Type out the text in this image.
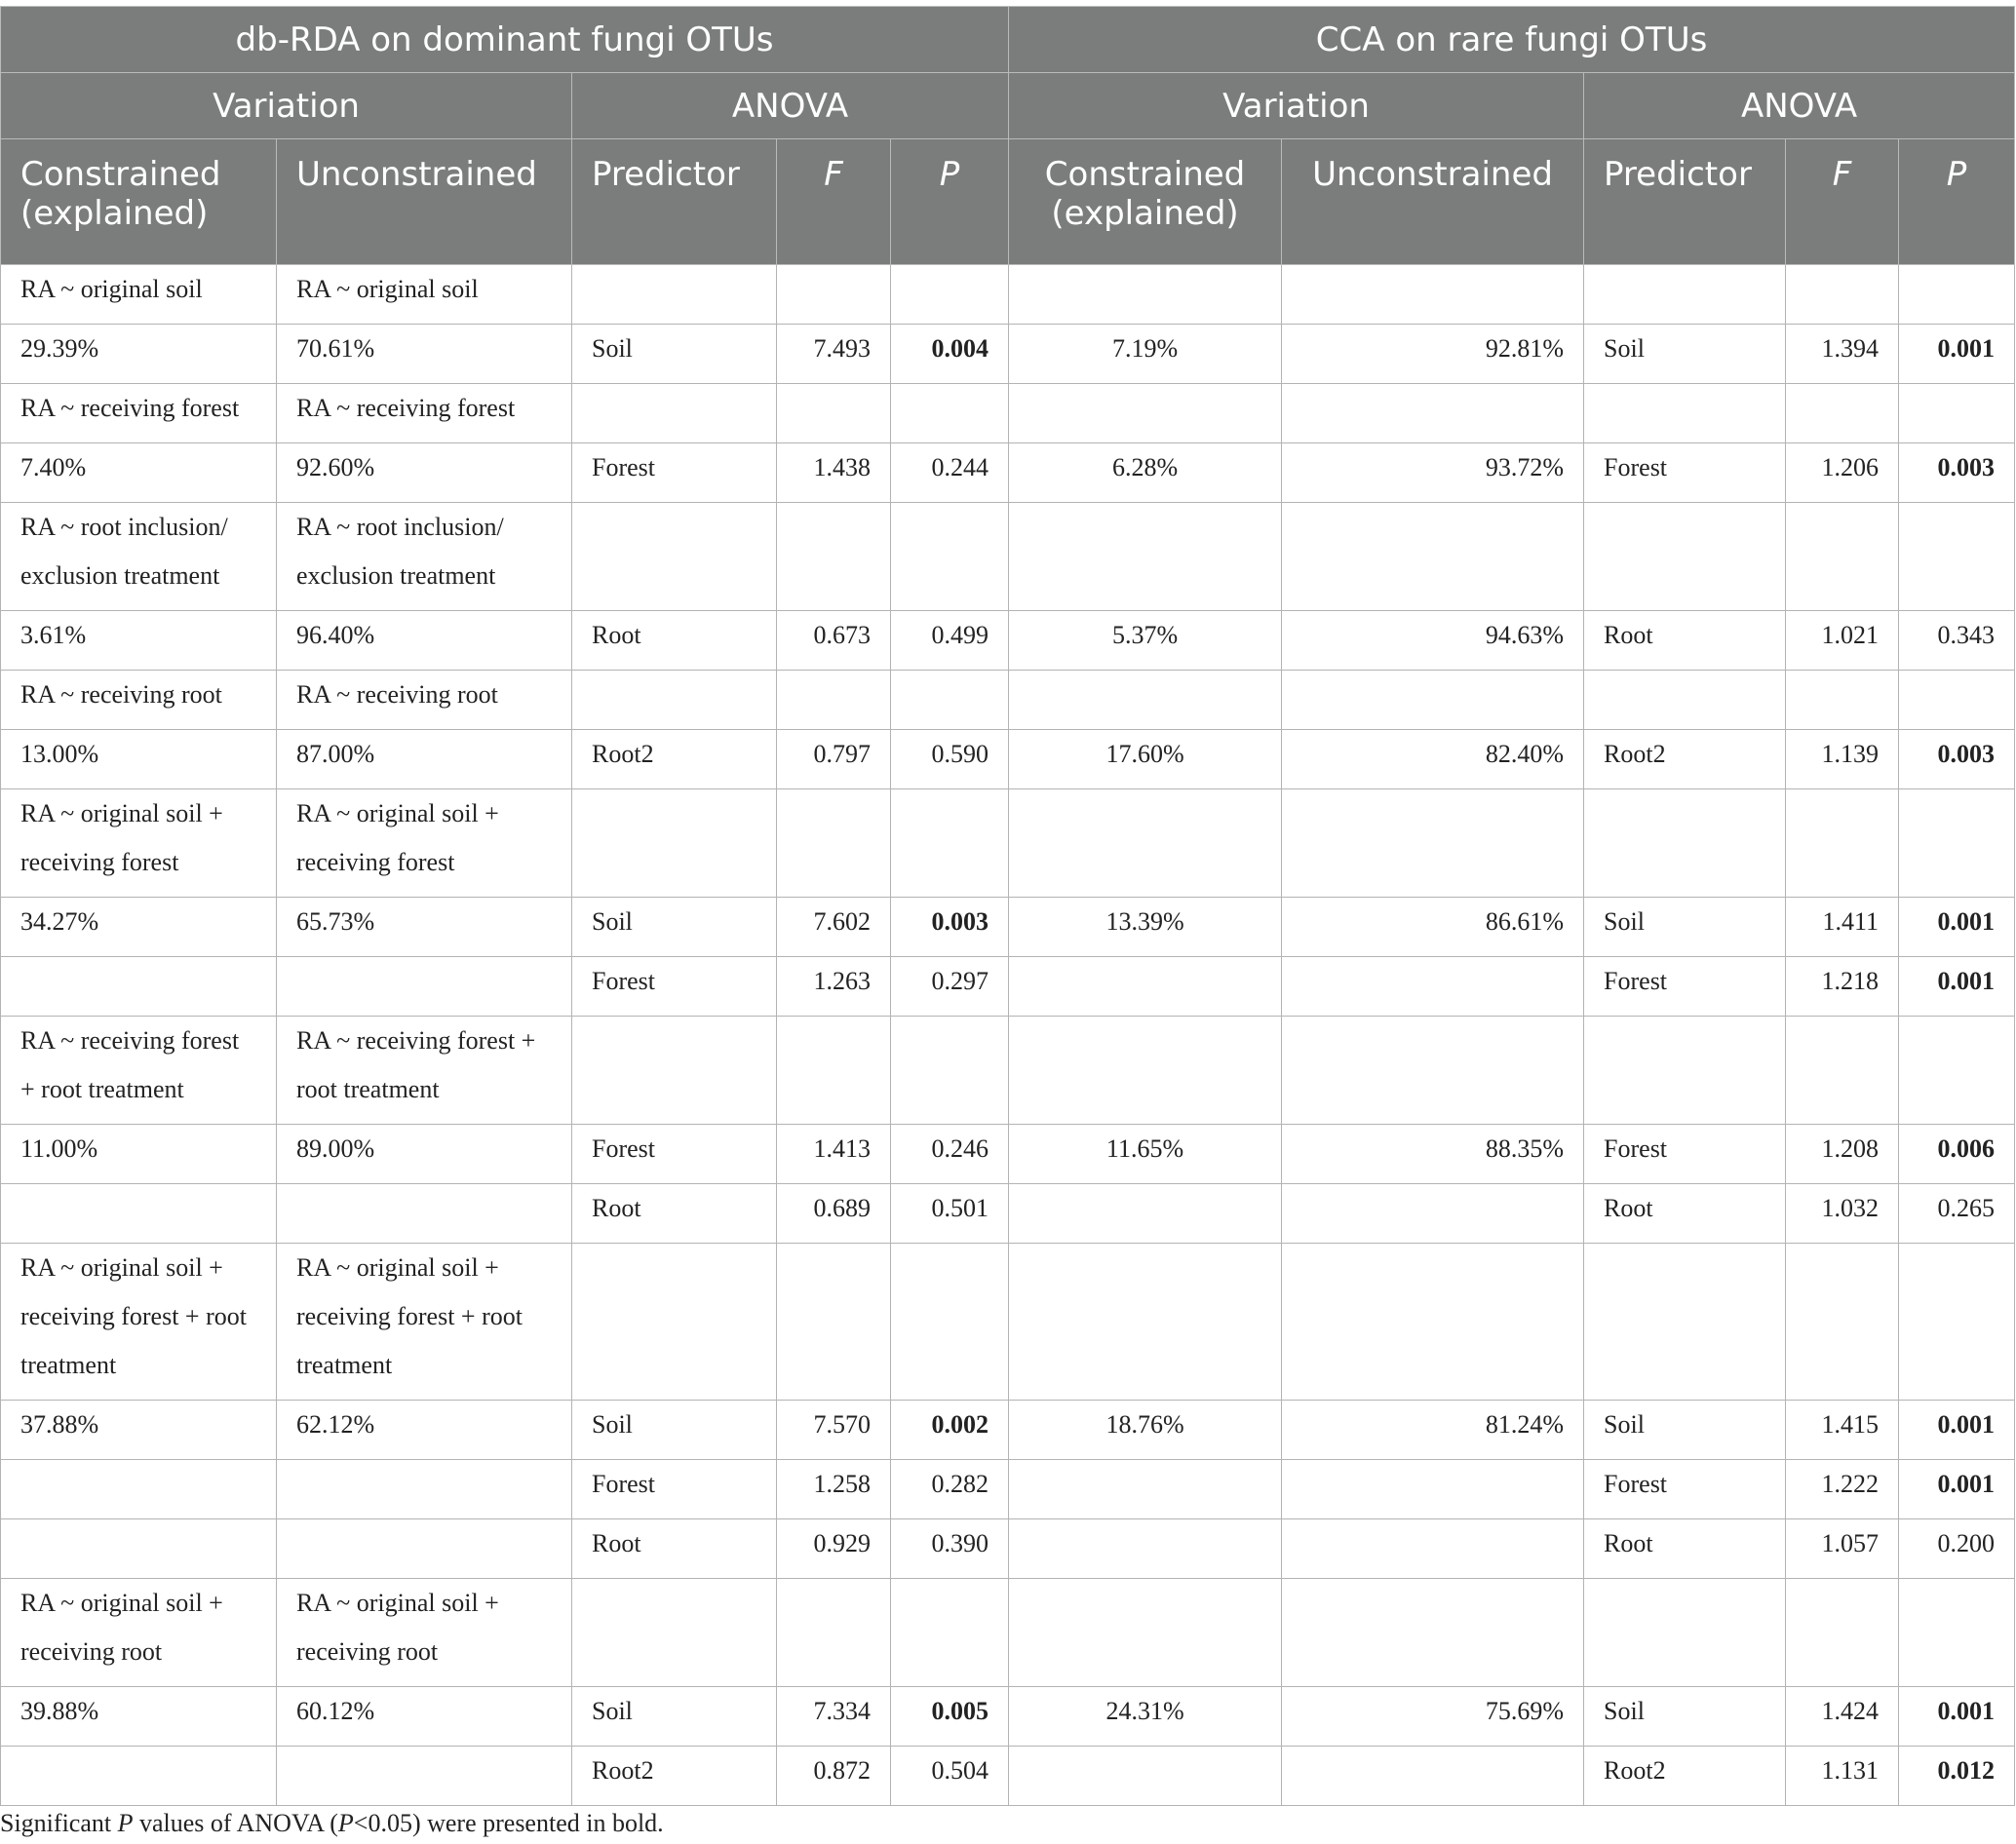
db-RDA on dominant fungi OTUs					CCA on rare fungi OTUs				
Variation		ANOVA			Variation		ANOVA		
Constrained (explained)	Unconstrained	Predictor	F	P	Constrained (explained)	Unconstrained	Predictor	F	P
RA ~ original soil	RA ~ original soil								
29.39%	70.61%	Soil	7.493	0.004	7.19%	92.81%	Soil	1.394	0.001
RA ~ receiving forest	RA ~ receiving forest								
7.40%	92.60%	Forest	1.438	0.244	6.28%	93.72%	Forest	1.206	0.003
RA ~ root inclusion/ exclusion treatment	RA ~ root inclusion/ exclusion treatment								
3.61%	96.40%	Root	0.673	0.499	5.37%	94.63%	Root	1.021	0.343
RA ~ receiving root	RA ~ receiving root								
13.00%	87.00%	Root2	0.797	0.590	17.60%	82.40%	Root2	1.139	0.003
RA ~ original soil + receiving forest	RA ~ original soil + receiving forest								
34.27%	65.73%	Soil	7.602	0.003	13.39%	86.61%	Soil	1.411	0.001
		Forest	1.263	0.297			Forest	1.218	0.001
RA ~ receiving forest + root treatment	RA ~ receiving forest + root treatment								
11.00%	89.00%	Forest	1.413	0.246	11.65%	88.35%	Forest	1.208	0.006
		Root	0.689	0.501			Root	1.032	0.265
RA ~ original soil + receiving forest + root treatment	RA ~ original soil + receiving forest + root treatment								
37.88%	62.12%	Soil	7.570	0.002	18.76%	81.24%	Soil	1.415	0.001
		Forest	1.258	0.282			Forest	1.222	0.001
		Root	0.929	0.390			Root	1.057	0.200
RA ~ original soil + receiving root	RA ~ original soil + receiving root								
39.88%	60.12%	Soil	7.334	0.005	24.31%	75.69%	Soil	1.424	0.001
		Root2	0.872	0.504			Root2	1.131	0.012
Significant P values of ANOVA (P<0.05) were presented in bold.
